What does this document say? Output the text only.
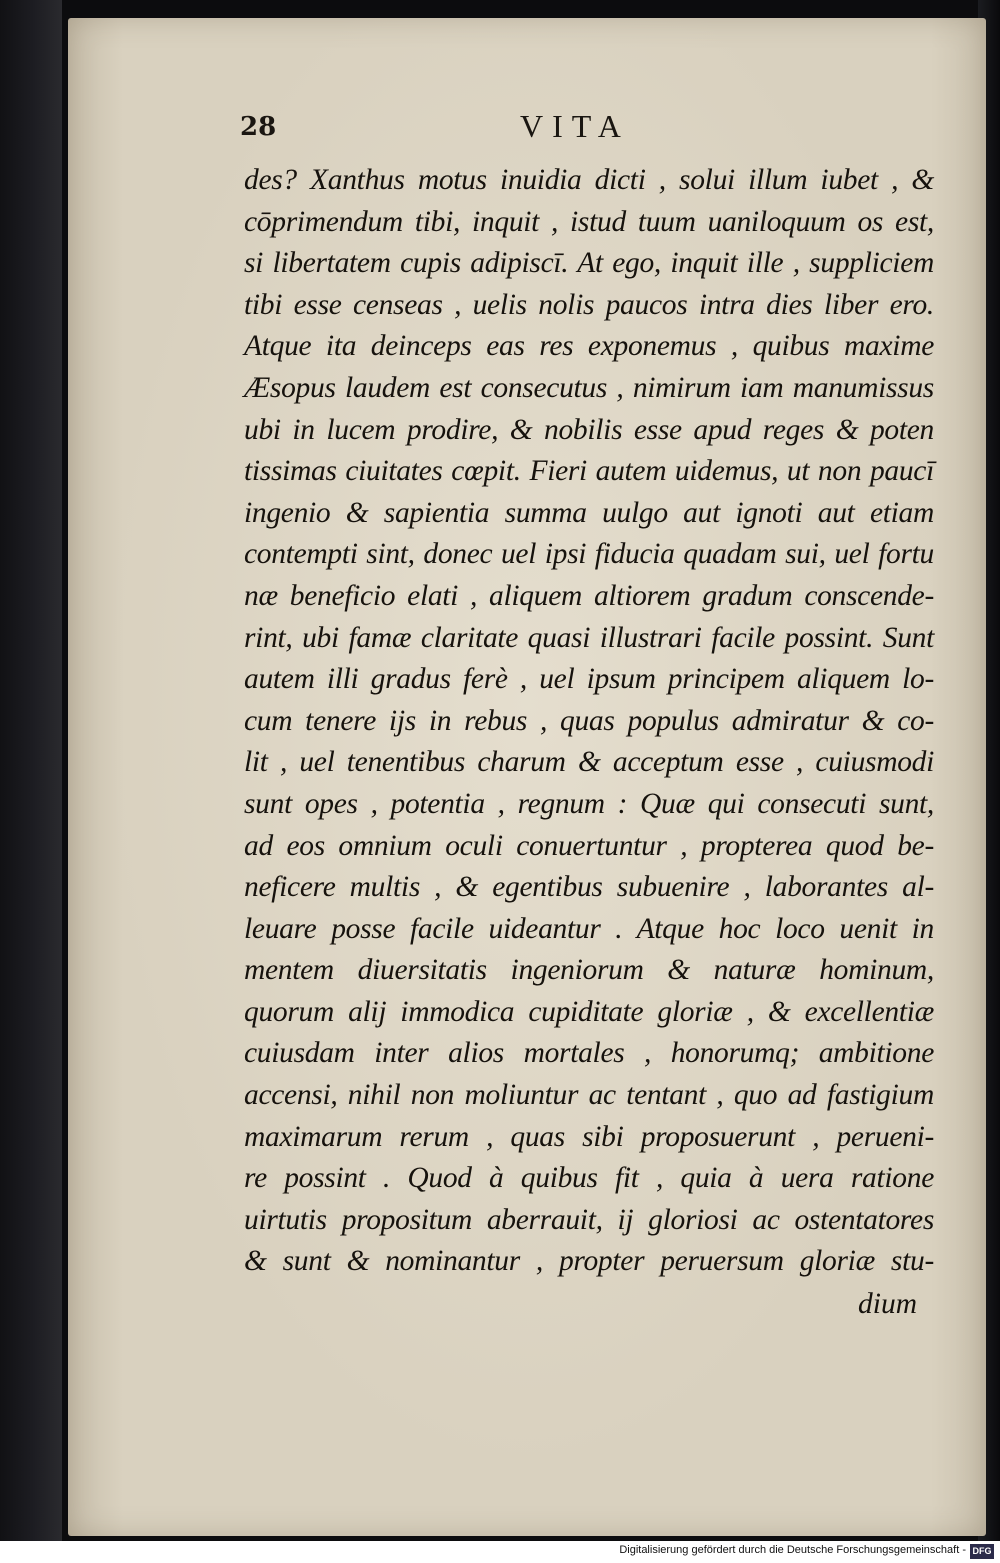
28	VITA
des? Xanthus motus inuidia dicti , solui illum iubet , &
cōprimendum tibi, inquit , istud tuum uaniloquum os est,
si libertatem cupis adipiscī. At ego, inquit ille , suppliciem
tibi esse censeas , uelis nolis paucos intra dies liber ero.
Atque ita deinceps eas res exponemus , quibus maxime
Æsopus laudem est consecutus , nimirum iam manumissus
ubi in lucem prodire, & nobilis esse apud reges & poten
tissimas ciuitates cœpit. Fieri autem uidemus, ut non paucī
ingenio & sapientia summa uulgo aut ignoti aut etiam
contempti sint, donec uel ipsi fiducia quadam sui, uel fortu
næ beneficio elati , aliquem altiorem gradum conscende-
rint, ubi famæ claritate quasi illustrari facile possint. Sunt
autem illi gradus ferè , uel ipsum principem aliquem lo-
cum tenere ijs in rebus , quas populus admiratur & co-
lit , uel tenentibus charum & acceptum esse , cuiusmodi
sunt opes , potentia , regnum : Quæ qui consecuti sunt,
ad eos omnium oculi conuertuntur , propterea quod be-
neficere multis , & egentibus subuenire , laborantes al-
leuare posse facile uideantur . Atque hoc loco uenit in
mentem diuersitatis ingeniorum & naturæ hominum,
quorum alij immodica cupiditate gloriæ , & excellentiæ
cuiusdam inter alios mortales , honorumq; ambitione
accensi, nihil non moliuntur ac tentant , quo ad fastigium
maximarum rerum , quas sibi proposuerunt , perueni-
re possint . Quod à quibus fit , quia à uera ratione
uirtutis propositum aberrauit, ij gloriosi ac ostentatores
& sunt & nominantur , propter peruersum gloriæ stu-
dium
Digitalisierung gefördert durch die Deutsche Forschungsgemeinschaft - DFG
